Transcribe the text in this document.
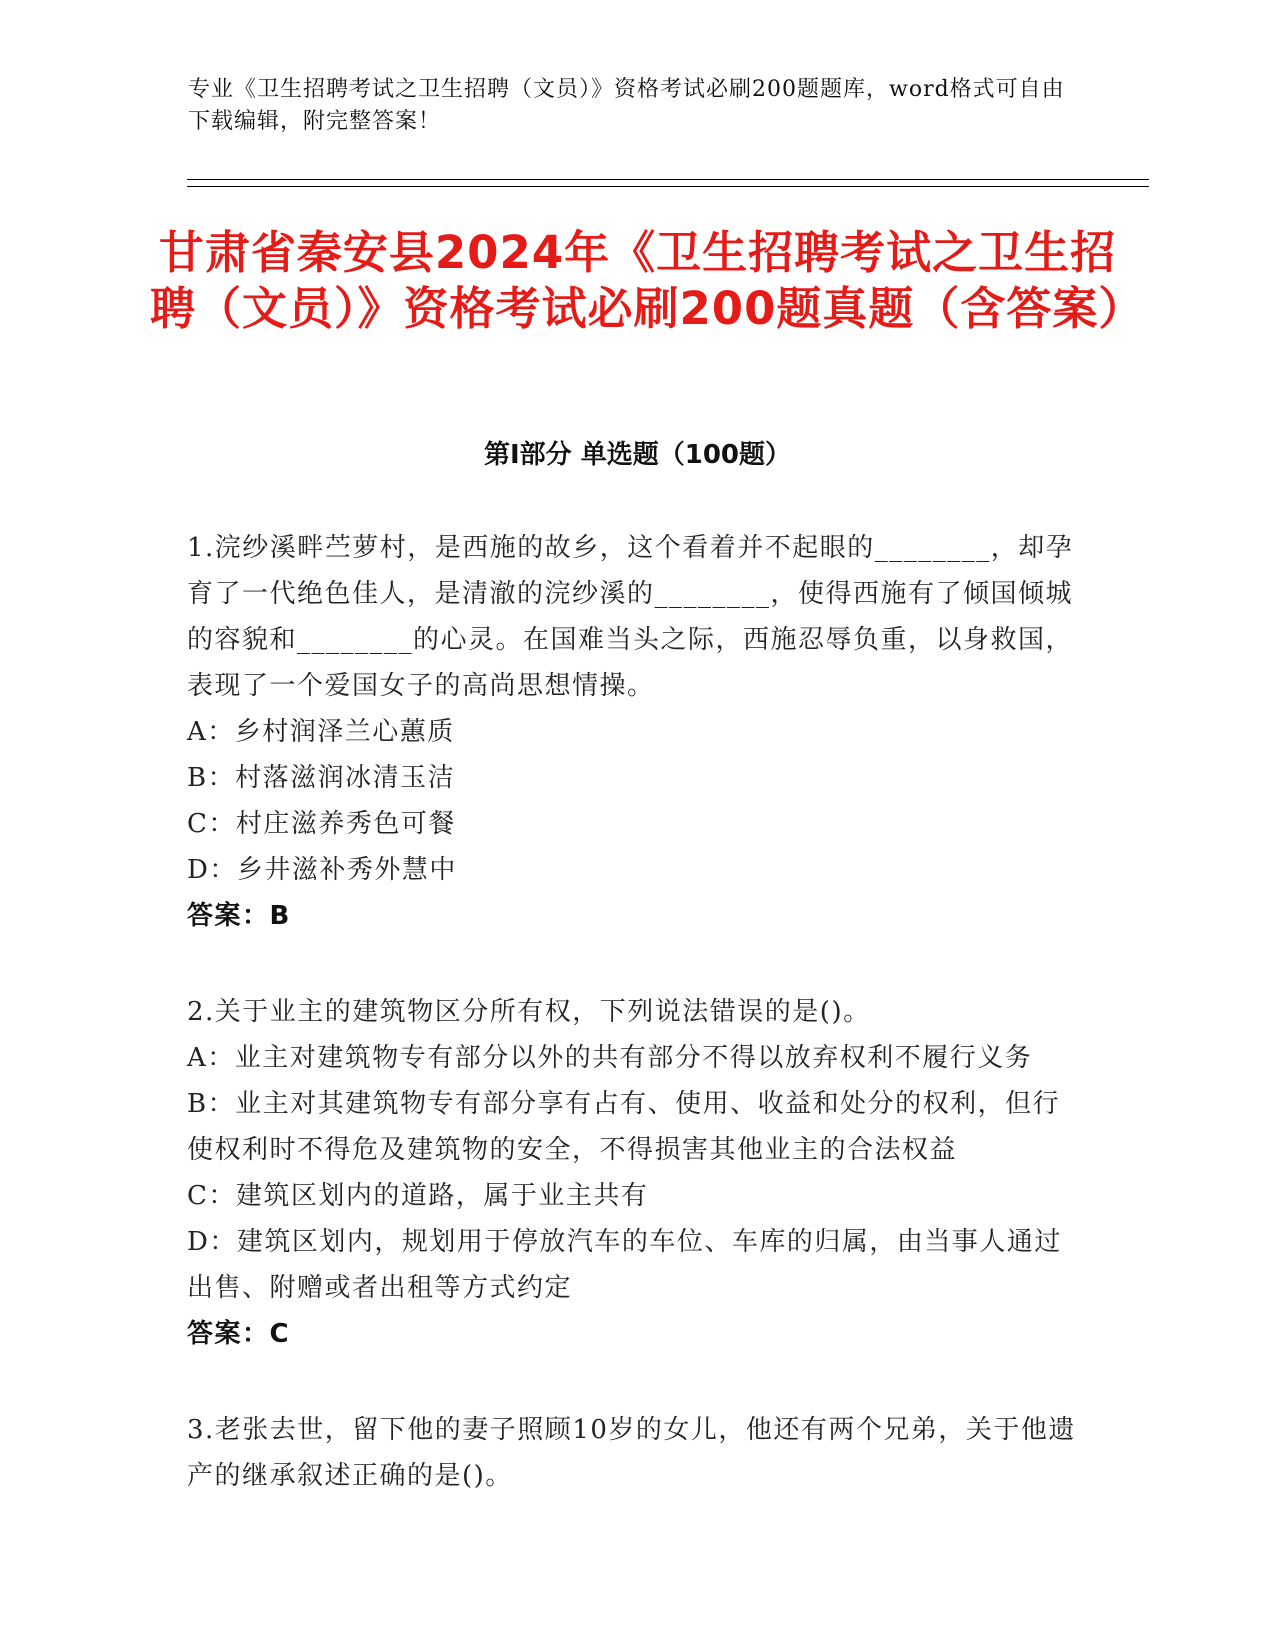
专业《卫生招聘考试之卫生招聘（文员）》资格考试必刷200题题库，word格式可自由下载编辑，附完整答案！
甘肃省秦安县2024年《卫生招聘考试之卫生招聘（文员）》资格考试必刷200题真题（含答案）
第Ⅰ部分 单选题（100题）

1.浣纱溪畔苎萝村，是西施的故乡，这个看着并不起眼的________，却孕育了一代绝色佳人，是清澈的浣纱溪的________，使得西施有了倾国倾城的容貌和________的心灵。在国难当头之际，西施忍辱负重，以身救国，表现了一个爱国女子的高尚思想情操。

A：乡村润泽兰心蕙质

B：村落滋润冰清玉洁

C：村庄滋养秀色可餐

D：乡井滋补秀外慧中

答案：B

2.关于业主的建筑物区分所有权，下列说法错误的是()。

A：业主对建筑物专有部分以外的共有部分不得以放弃权利不履行义务

B：业主对其建筑物专有部分享有占有、使用、收益和处分的权利，但行使权利时不得危及建筑物的安全，不得损害其他业主的合法权益

C：建筑区划内的道路，属于业主共有

D：建筑区划内，规划用于停放汽车的车位、车库的归属，由当事人通过出售、附赠或者出租等方式约定

答案：C

3.老张去世，留下他的妻子照顾10岁的女儿，他还有两个兄弟，关于他遗产的继承叙述正确的是()。
